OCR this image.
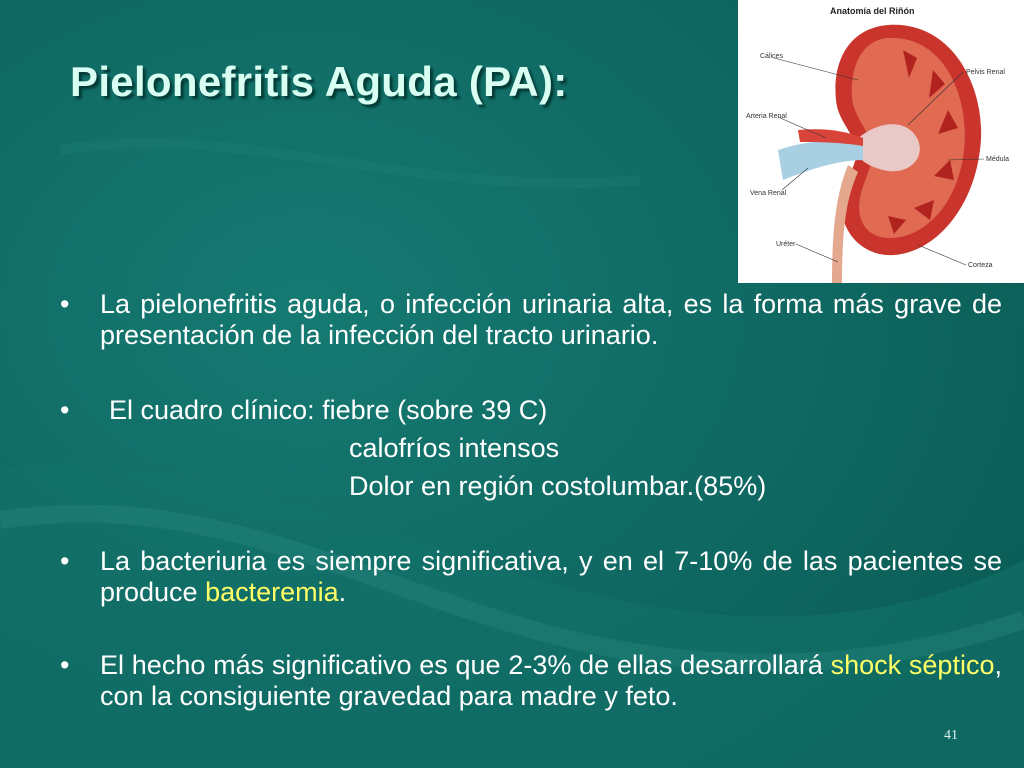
Pielonefritis Aguda (PA):
Anatomía del Riñón
Cálices
Pelvis Renal
Arteria Renal
Médula
Vena Renal
Uréter
Corteza
• La pielonefritis aguda, o infección urinaria alta, es la forma más grave de presentación de la infección del tracto urinario.
• El cuadro clínico: fiebre (sobre 39 C)
calofríos intensos
Dolor en región costolumbar.(85%)
• La bacteriuria es siempre significativa, y en el 7-10% de las pacientes se produce bacteremia.
• El hecho más significativo es que 2-3% de ellas desarrollará shock séptico, con la consiguiente gravedad para madre y feto.
41
